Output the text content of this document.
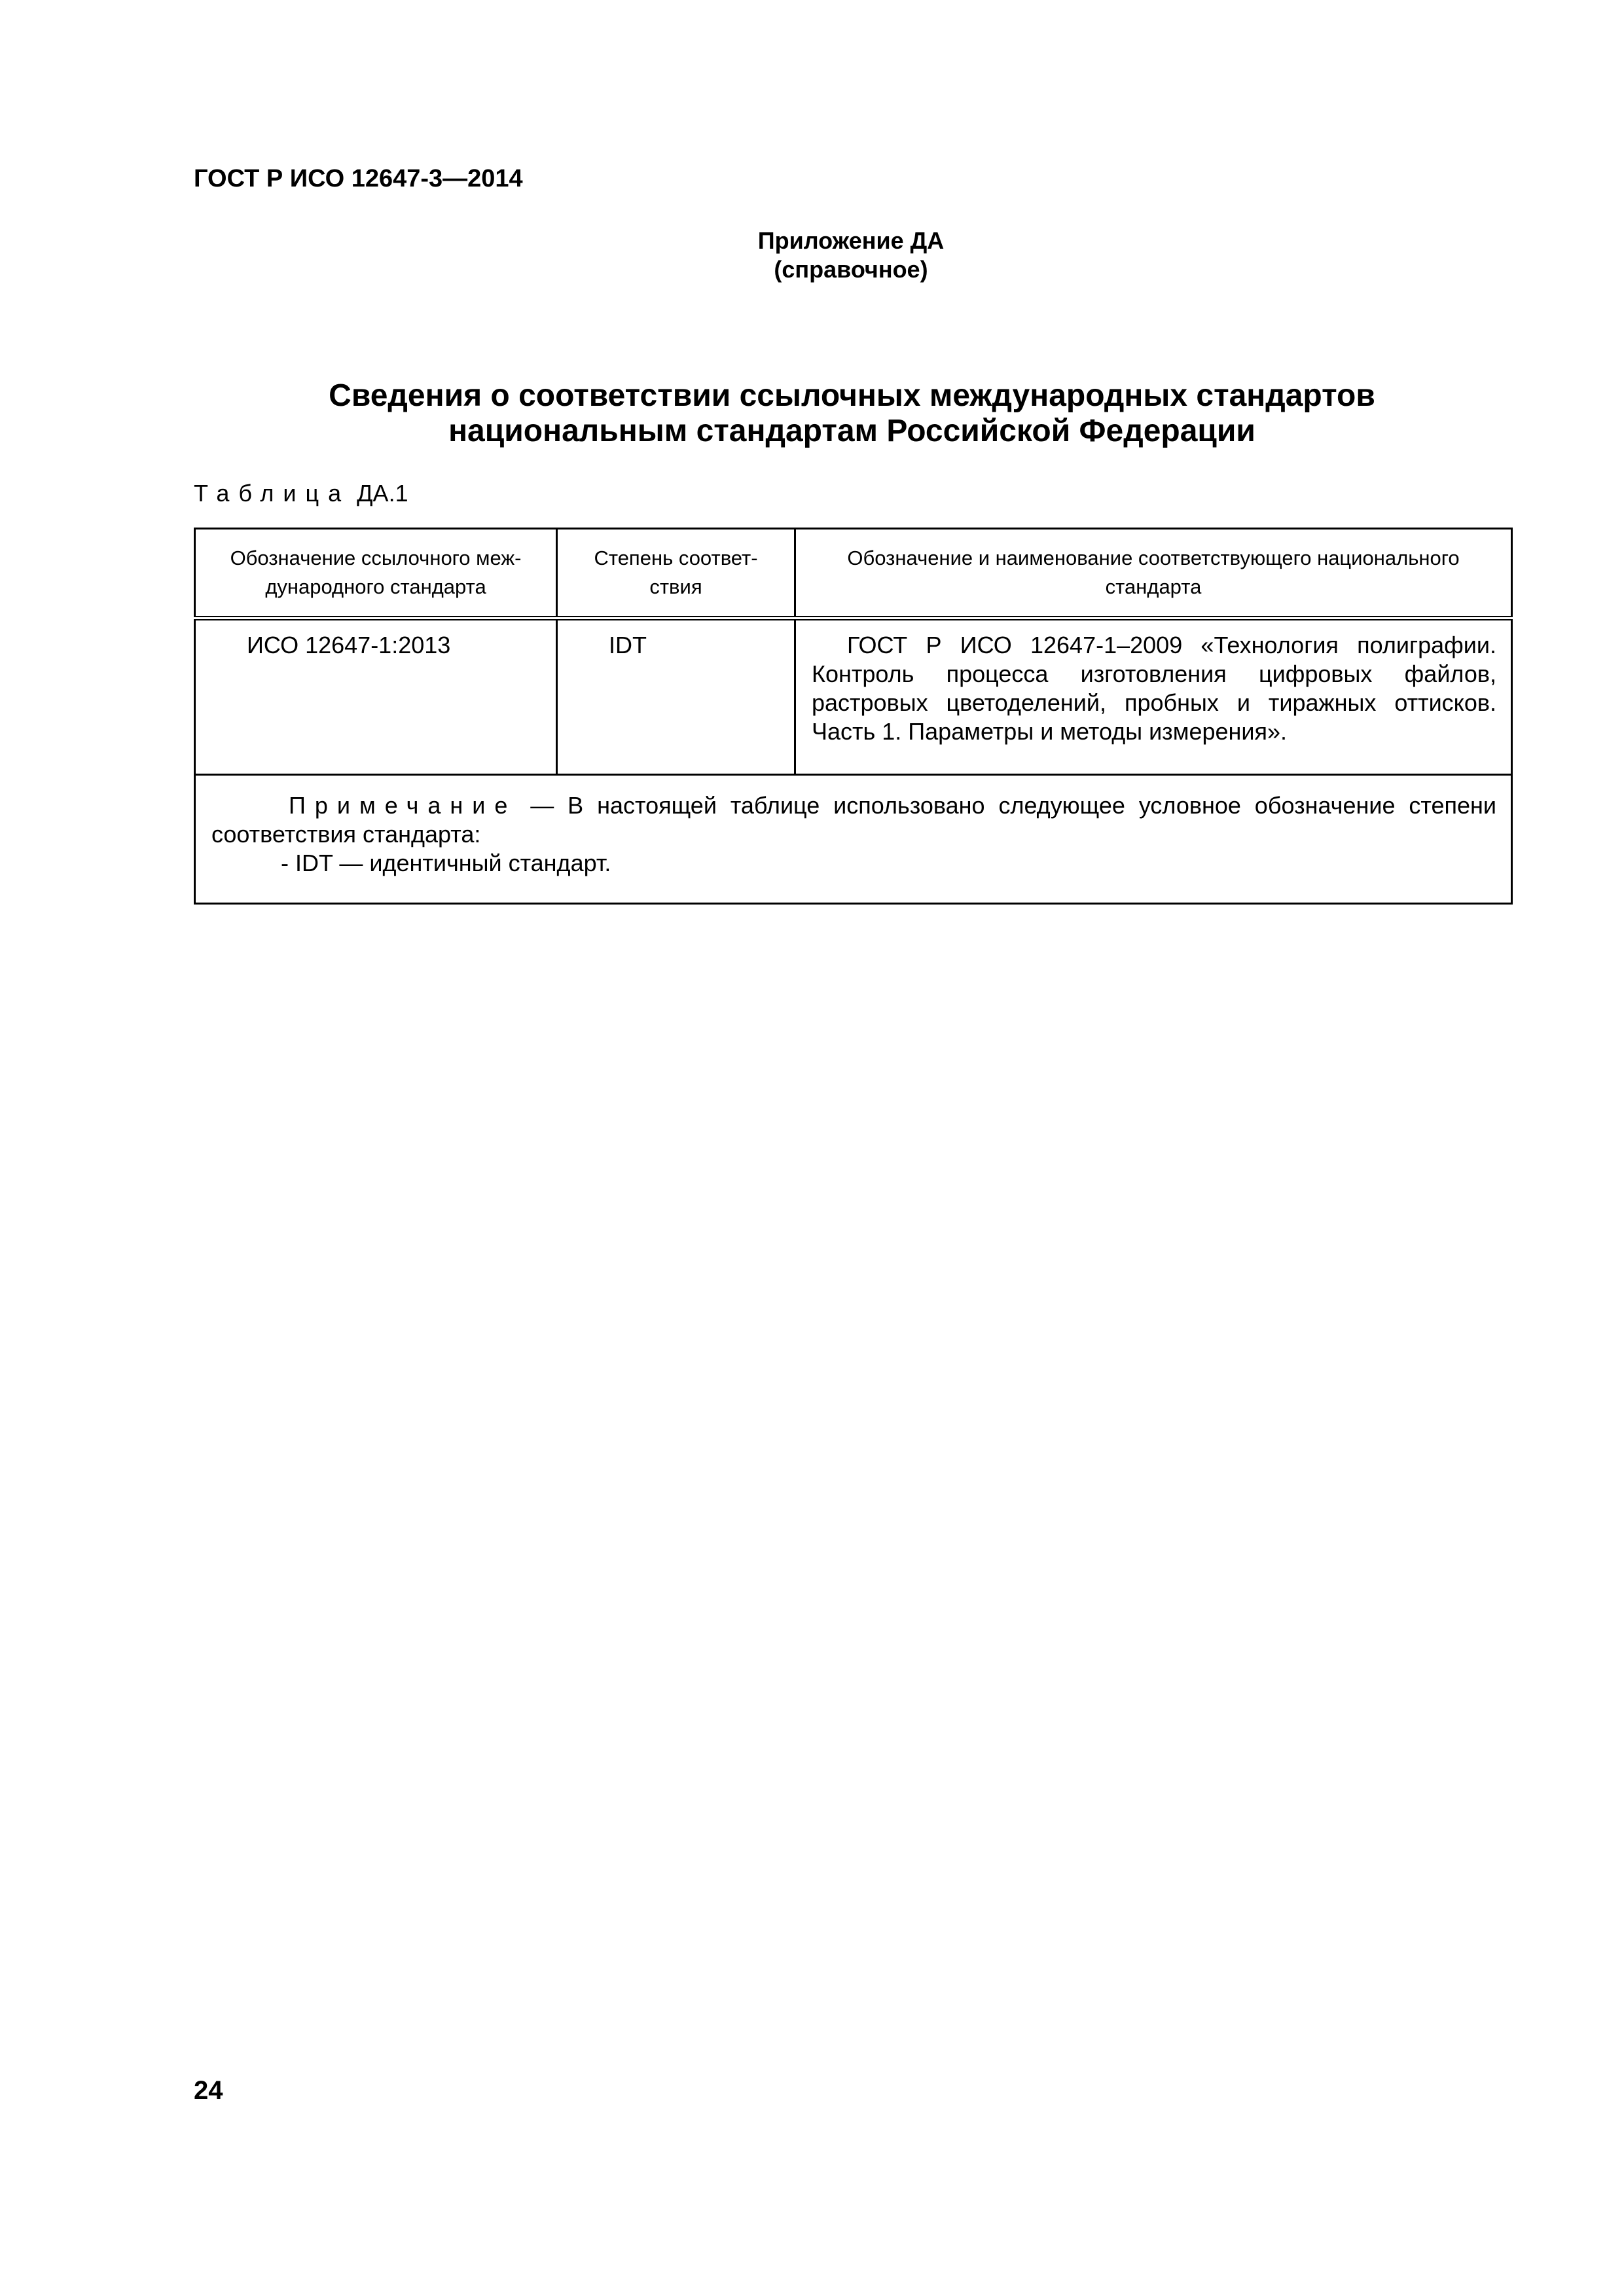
ГОСТ Р ИСО 12647-3—2014
Приложение ДА
(справочное)
Сведения о соответствии ссылочных международных стандартов
национальным стандартам Российской Федерации
Таблица ДА.1
Обозначение ссылочного меж-дународного стандарта	Степень соответ-ствия	Обозначение и наименование соответствующего национального стандарта
ИСО 12647-1:2013	IDT	ГОСТ Р ИСО 12647-1–2009 «Технология полиграфии. Контроль процесса изготовления цифровых файлов, растровых цветоделений, пробных и тиражных оттисков. Часть 1. Параметры и методы измерения».

Примечание — В настоящей таблице использовано следующее условное обозначение степени соответствия стандарта:
- IDT — идентичный стандарт.		
24
